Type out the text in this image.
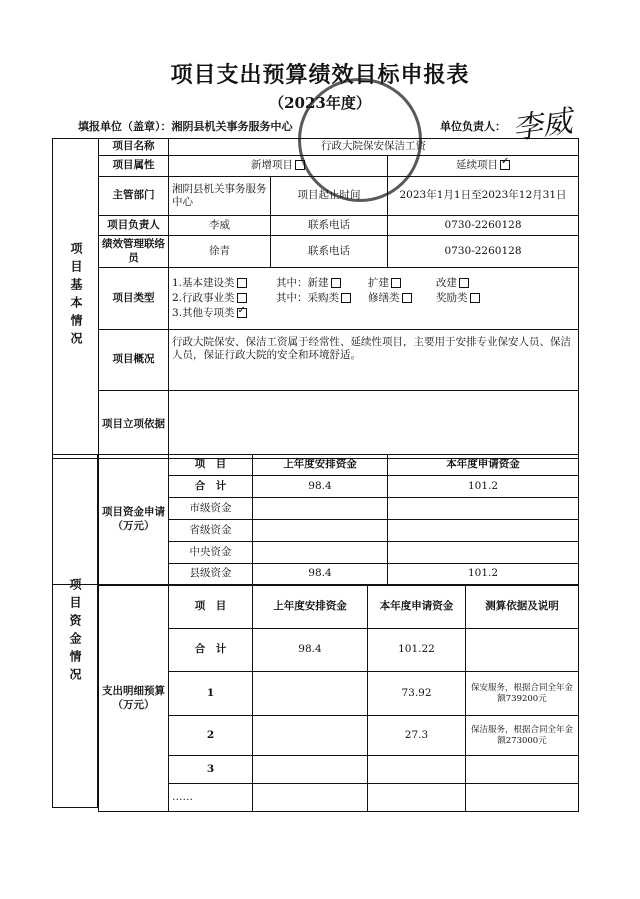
项目支出预算绩效目标申报表
（2023年度）
填报单位（盖章）：湘阴县机关事务服务中心	单位负责人： 李威
项目基本情况	项目名称	行政大院保安保洁工资		
	项目属性	新增项目		延续项目✓
	主管部门	湘阴县机关事务服务中心	项目起止时间	2023年1月1日至2023年12月31日
	项目负责人	李威	联系电话	0730-2260128
	绩效管理联络员	徐青	联系电话	0730-2260128
	项目类型	1.基本建设类 其中：新建 扩建 改建
2.行政事业类 其中：采购类 修缮类 奖励类
3.其他专项类✓

	项目概况	行政大院保安、保洁工资属于经常性、延续性项目，主要用于安排专业保安人员、保洁人员，保证行政大院的安全和环境舒适。		
	项目立项依据			
	项目资金申请（万元）	项　目	上年度安排资金	本年度申请资金
		合　计	98.4	101.2
		市级资金		
		省级资金		
		中央资金		
		县级资金	98.4	101.2
项目资金情况
支出明细预算（万元）	项　目	上年度安排资金	本年度申请资金	测算依据及说明
	合　计	98.4	101.22	
	1		73.92	保安服务，根据合同全年金额739200元
	2		27.3	保洁服务，根据合同全年金额273000元
	3			
	……			
